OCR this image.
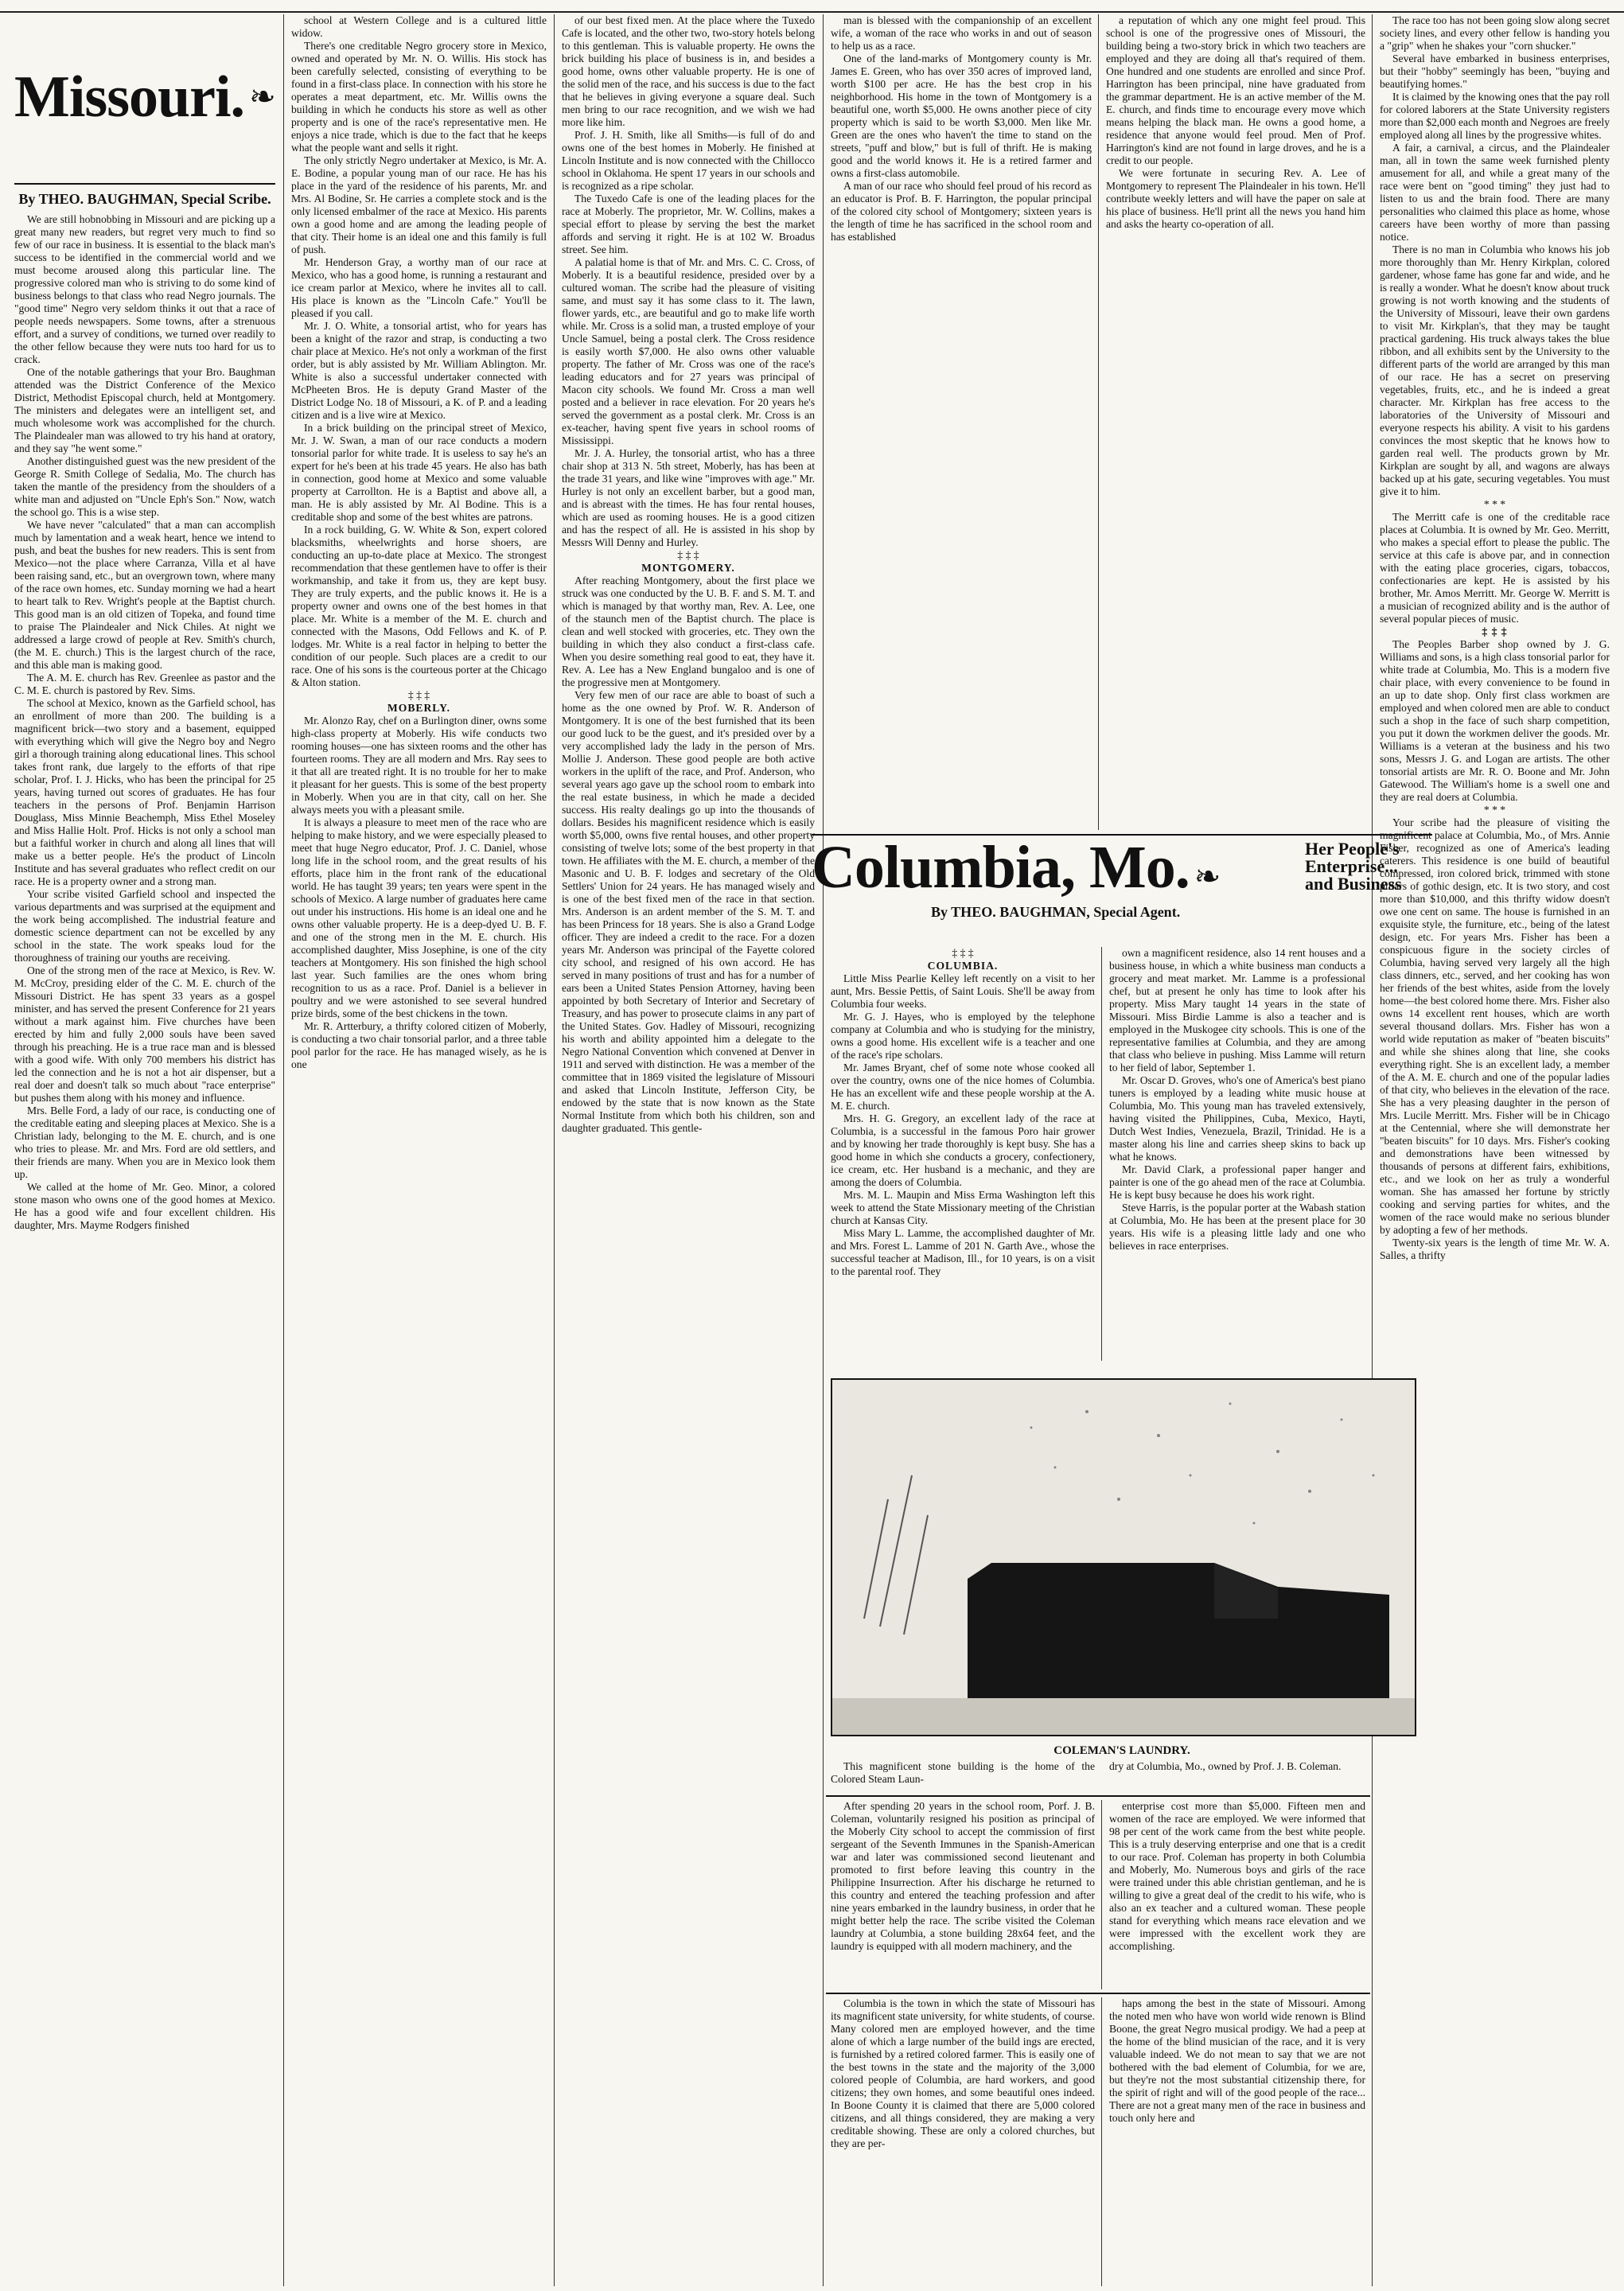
Missouri. ❧
By THEO. BAUGHMAN, Special Scribe.

We are still hobnobbing in Missouri and are picking up a great many new readers, but regret very much to find so few of our race in business. It is essential to the black man's success to be identified in the commercial world and we must become aroused along this particular line. The progressive colored man who is striving to do some kind of business belongs to that class who read Negro journals. The "good time" Negro very seldom thinks it out that a race of people needs newspapers. Some towns, after a strenuous effort, and a survey of conditions, we turned over readily to the other fellow because they were nuts too hard for us to crack.

One of the notable gatherings that your Bro. Baughman attended was the District Conference of the Mexico District, Methodist Episcopal church, held at Montgomery. The ministers and delegates were an intelligent set, and much wholesome work was accomplished for the church. The Plaindealer man was allowed to try his hand at oratory, and they say "he went some."

Another distinguished guest was the new president of the George R. Smith College of Sedalia, Mo. The church has taken the mantle of the presidency from the shoulders of a white man and adjusted on "Uncle Eph's Son." Now, watch the school go. This is a wise step.

We have never "calculated" that a man can accomplish much by lamentation and a weak heart, hence we intend to push, and beat the bushes for new readers. This is sent from Mexico—not the place where Carranza, Villa et al have been raising sand, etc., but an overgrown town, where many of the race own homes, etc. Sunday morning we had a heart to heart talk to Rev. Wright's people at the Baptist church. This good man is an old citizen of Topeka, and found time to praise The Plaindealer and Nick Chiles. At night we addressed a large crowd of people at Rev. Smith's church, (the M. E. church.) This is the largest church of the race, and this able man is making good.

The A. M. E. church has Rev. Greenlee as pastor and the C. M. E. church is pastored by Rev. Sims.

The school at Mexico, known as the Garfield school, has an enrollment of more than 200. The building is a magnificent brick—two story and a basement, equipped with everything which will give the Negro boy and Negro girl a thorough training along educational lines. This school takes front rank, due largely to the efforts of that ripe scholar, Prof. I. J. Hicks, who has been the principal for 25 years, having turned out scores of graduates. He has four teachers in the persons of Prof. Benjamin Harrison Douglass, Miss Minnie Beachemph, Miss Ethel Moseley and Miss Hallie Holt. Prof. Hicks is not only a school man but a faithful worker in church and along all lines that will make us a better people. He's the product of Lincoln Institute and has several graduates who reflect credit on our race. He is a property owner and a strong man.

Your scribe visited Garfield school and inspected the various departments and was surprised at the equipment and the work being accomplished. The industrial feature and domestic science department can not be excelled by any school in the state. The work speaks loud for the thoroughness of training our youths are receiving.

One of the strong men of the race at Mexico, is Rev. W. M. McCroy, presiding elder of the C. M. E. church of the Missouri District. He has spent 33 years as a gospel minister, and has served the present Conference for 21 years without a mark against him. Five churches have been erected by him and fully 2,000 souls have been saved through his preaching. He is a true race man and is blessed with a good wife. With only 700 members his district has led the connection and he is not a hot air dispenser, but a real doer and doesn't talk so much about "race enterprise" but pushes them along with his money and influence.

Mrs. Belle Ford, a lady of our race, is conducting one of the creditable eating and sleeping places at Mexico. She is a Christian lady, belonging to the M. E. church, and is one who tries to please. Mr. and Mrs. Ford are old settlers, and their friends are many. When you are in Mexico look them up.

We called at the home of Mr. Geo. Minor, a colored stone mason who owns one of the good homes at Mexico. He has a good wife and four excellent children. His daughter, Mrs. Mayme Rodgers finished

school at Western College and is a cultured little widow.

There's one creditable Negro grocery store in Mexico, owned and operated by Mr. N. O. Willis. His stock has been carefully selected, consisting of everything to be found in a first-class place. In connection with his store he operates a meat department, etc. Mr. Willis owns the building in which he conducts his store as well as other property and is one of the race's representative men. He enjoys a nice trade, which is due to the fact that he keeps what the people want and sells it right.

The only strictly Negro undertaker at Mexico, is Mr. A. E. Bodine, a popular young man of our race. He has his place in the yard of the residence of his parents, Mr. and Mrs. Al Bodine, Sr. He carries a complete stock and is the only licensed embalmer of the race at Mexico. His parents own a good home and are among the leading people of that city. Their home is an ideal one and this family is full of push.

Mr. Henderson Gray, a worthy man of our race at Mexico, who has a good home, is running a restaurant and ice cream parlor at Mexico, where he invites all to call. His place is known as the "Lincoln Cafe." You'll be pleased if you call.

Mr. J. O. White, a tonsorial artist, who for years has been a knight of the razor and strap, is conducting a two chair place at Mexico. He's not only a workman of the first order, but is ably assisted by Mr. William Ablington. Mr. White is also a successful undertaker connected with McPheeten Bros. He is deputy Grand Master of the District Lodge No. 18 of Missouri, a K. of P. and a leading citizen and is a live wire at Mexico.

In a brick building on the principal street of Mexico, Mr. J. W. Swan, a man of our race conducts a modern tonsorial parlor for white trade. It is useless to say he's an expert for he's been at his trade 45 years. He also has bath in connection, good home at Mexico and some valuable property at Carrollton. He is a Baptist and above all, a man. He is ably assisted by Mr. Al Bodine. This is a creditable shop and some of the best whites are patrons.

In a rock building, G. W. White & Son, expert colored blacksmiths, wheelwrights and horse shoers, are conducting an up-to-date place at Mexico. The strongest recommendation that these gentlemen have to offer is their workmanship, and take it from us, they are kept busy. They are truly experts, and the public knows it. He is a property owner and owns one of the best homes in that place. Mr. White is a member of the M. E. church and connected with the Masons, Odd Fellows and K. of P. lodges. Mr. White is a real factor in helping to better the condition of our people. Such places are a credit to our race. One of his sons is the courteous porter at the Chicago & Alton station.

‡ ‡ ‡

MOBERLY.

Mr. Alonzo Ray, chef on a Burlington diner, owns some high-class property at Moberly. His wife conducts two rooming houses—one has sixteen rooms and the other has fourteen rooms. They are all modern and Mrs. Ray sees to it that all are treated right. It is no trouble for her to make it pleasant for her guests. This is some of the best property in Moberly. When you are in that city, call on her. She always meets you with a pleasant smile.

It is always a pleasure to meet men of the race who are helping to make history, and we were especially pleased to meet that huge Negro educator, Prof. J. C. Daniel, whose long life in the school room, and the great results of his efforts, place him in the front rank of the educational world. He has taught 39 years; ten years were spent in the schools of Mexico. A large number of graduates here came out under his instructions. His home is an ideal one and he owns other valuable property. He is a deep-dyed U. B. F. and one of the strong men in the M. E. church. His accomplished daughter, Miss Josephine, is one of the city teachers at Montgomery. His son finished the high school last year. Such families are the ones whom bring recognition to us as a race. Prof. Daniel is a believer in poultry and we were astonished to see several hundred prize birds, some of the best chickens in the town.

Mr. R. Artterbury, a thrifty colored citizen of Moberly, is conducting a two chair tonsorial parlor, and a three table pool parlor for the race. He has managed wisely, as he is one

of our best fixed men. At the place where the Tuxedo Cafe is located, and the other two, two-story hotels belong to this gentleman. This is valuable property. He owns the brick building his place of business is in, and besides a good home, owns other valuable property. He is one of the solid men of the race, and his success is due to the fact that he believes in giving everyone a square deal. Such men bring to our race recognition, and we wish we had more like him.

Prof. J. H. Smith, like all Smiths—is full of do and owns one of the best homes in Moberly. He finished at Lincoln Institute and is now connected with the Chillocco school in Oklahoma. He spent 17 years in our schools and is recognized as a ripe scholar.

The Tuxedo Cafe is one of the leading places for the race at Moberly. The proprietor, Mr. W. Collins, makes a special effort to please by serving the best the market affords and serving it right. He is at 102 W. Broadus street. See him.

A palatial home is that of Mr. and Mrs. C. C. Cross, of Moberly. It is a beautiful residence, presided over by a cultured woman. The scribe had the pleasure of visiting same, and must say it has some class to it. The lawn, flower yards, etc., are beautiful and go to make life worth while. Mr. Cross is a solid man, a trusted employe of your Uncle Samuel, being a postal clerk. The Cross residence is easily worth $7,000. He also owns other valuable property. The father of Mr. Cross was one of the race's leading educators and for 27 years was principal of Macon city schools. We found Mr. Cross a man well posted and a believer in race elevation. For 20 years he's served the government as a postal clerk. Mr. Cross is an ex-teacher, having spent five years in school rooms of Mississippi.

Mr. J. A. Hurley, the tonsorial artist, who has a three chair shop at 313 N. 5th street, Moberly, has has been at the trade 31 years, and like wine "improves with age." Mr. Hurley is not only an excellent barber, but a good man, and is abreast with the times. He has four rental houses, which are used as rooming houses. He is a good citizen and has the respect of all. He is assisted in his shop by Messrs Will Denny and Hurley.

‡ ‡ ‡

MONTGOMERY.

After reaching Montgomery, about the first place we struck was one conducted by the U. B. F. and S. M. T. and which is managed by that worthy man, Rev. A. Lee, one of the staunch men of the Baptist church. The place is clean and well stocked with groceries, etc. They own the building in which they also conduct a first-class cafe. When you desire something real good to eat, they have it. Rev. A. Lee has a New England bungaloo and is one of the progressive men at Montgomery.

Very few men of our race are able to boast of such a home as the one owned by Prof. W. R. Anderson of Montgomery. It is one of the best furnished that its been our good luck to be the guest, and it's presided over by a very accomplished lady the lady in the person of Mrs. Mollie J. Anderson. These good people are both active workers in the uplift of the race, and Prof. Anderson, who several years ago gave up the school room to embark into the real estate business, in which he made a decided success. His realty dealings go up into the thousands of dollars. Besides his magnificent residence which is easily worth $5,000, owns five rental houses, and other property consisting of twelve lots; some of the best property in that town. He affiliates with the M. E. church, a member of the Masonic and U. B. F. lodges and secretary of the Old Settlers' Union for 24 years. He has managed wisely and is one of the best fixed men of the race in that section. Mrs. Anderson is an ardent member of the S. M. T. and has been Princess for 18 years. She is also a Grand Lodge officer. They are indeed a credit to the race. For a dozen years Mr. Anderson was principal of the Fayette colored city school, and resigned of his own accord. He has served in many positions of trust and has for a number of ears been a United States Pension Attorney, having been appointed by both Secretary of Interior and Secretary of Treasury, and has power to prosecute claims in any part of the United States. Gov. Hadley of Missouri, recognizing his worth and ability appointed him a delegate to the Negro National Convention which convened at Denver in 1911 and served with distinction. He was a member of the committee that in 1869 visited the legislature of Missouri and asked that Lincoln Institute, Jefferson City, be endowed by the state that is now known as the State Normal Institute from which both his children, son and daughter graduated. This gentle-

man is blessed with the companionship of an excellent wife, a woman of the race who works in and out of season to help us as a race.

One of the land-marks of Montgomery county is Mr. James E. Green, who has over 350 acres of improved land, worth $100 per acre. He has the best crop in his neighborhood. His home in the town of Montgomery is a beautiful one, worth $5,000. He owns another piece of city property which is said to be worth $3,000. Men like Mr. Green are the ones who haven't the time to stand on the streets, "puff and blow," but is full of thrift. He is making good and the world knows it. He is a retired farmer and owns a first-class automobile.

A man of our race who should feel proud of his record as an educator is Prof. B. F. Harrington, the popular principal of the colored city school of Montgomery; sixteen years is the length of time he has sacrificed in the school room and has established

a reputation of which any one might feel proud. This school is one of the progressive ones of Missouri, the building being a two-story brick in which two teachers are employed and they are doing all that's required of them. One hundred and one students are enrolled and since Prof. Harrington has been principal, nine have graduated from the grammar department. He is an active member of the M. E. church, and finds time to encourage every move which means helping the black man. He owns a good home, a residence that anyone would feel proud. Men of Prof. Harrington's kind are not found in large droves, and he is a credit to our people.

We were fortunate in securing Rev. A. Lee of Montgomery to represent The Plaindealer in his town. He'll contribute weekly letters and will have the paper on sale at his place of business. He'll print all the news you hand him and asks the hearty co-operation of all.

The race too has not been going slow along secret society lines, and every other fellow is handing you a "grip" when he shakes your "corn shucker."

Several have embarked in business enterprises, but their "hobby" seemingly has been, "buying and beautifying homes."

It is claimed by the knowing ones that the pay roll for colored laborers at the State University registers more than $2,000 each month and Negroes are freely employed along all lines by the progressive whites.

A fair, a carnival, a circus, and the Plaindealer man, all in town the same week furnished plenty amusement for all, and while a great many of the race were bent on "good timing" they just had to listen to us and the brain food. There are many personalities who claimed this place as home, whose careers have been worthy of more than passing notice.

There is no man in Columbia who knows his job more thoroughly than Mr. Henry Kirkplan, colored gardener, whose fame has gone far and wide, and he is really a wonder. What he doesn't know about truck growing is not worth knowing and the students of the University of Missouri, leave their own gardens to visit Mr. Kirkplan's, that they may be taught practical gardening. His truck always takes the blue ribbon, and all exhibits sent by the University to the different parts of the world are arranged by this man of our race. He has a secret on preserving vegetables, fruits, etc., and he is indeed a great character. Mr. Kirkplan has free access to the laboratories of the University of Missouri and everyone respects his ability. A visit to his gardens convinces the most skeptic that he knows how to garden real well. The products grown by Mr. Kirkplan are sought by all, and wagons are always backed up at his gate, securing vegetables. You must give it to him.

* * *

The Merritt cafe is one of the creditable race places at Columbia. It is owned by Mr. Geo. Merritt, who makes a special effort to please the public. The service at this cafe is above par, and in connection with the eating place groceries, cigars, tobaccos, confectionaries are kept. He is assisted by his brother, Mr. Amos Merritt. Mr. George W. Merritt is a musician of recognized ability and is the author of several popular pieces of music.

‡ ‡ ‡

The Peoples Barber shop owned by J. G. Williams and sons, is a high class tonsorial parlor for white trade at Columbia, Mo. This is a modern five chair place, with every convenience to be found in an up to date shop. Only first class workmen are employed and when colored men are able to conduct such a shop in the face of such sharp competition, you put it down the workmen deliver the goods. Mr. Williams is a veteran at the business and his two sons, Messrs J. G. and Logan are artists. The other tonsorial artists are Mr. R. O. Boone and Mr. John Gatewood. The William's home is a swell one and they are real doers at Columbia.

* * *

Your scribe had the pleasure of visiting the magnificent palace at Columbia, Mo., of Mrs. Annie Fisher, recognized as one of America's leading caterers. This residence is one build of beautiful compressed, iron colored brick, trimmed with stone pillars of gothic design, etc. It is two story, and cost more than $10,000, and this thrifty widow doesn't owe one cent on same. The house is furnished in an exquisite style, the furniture, etc., being of the latest design, etc. For years Mrs. Fisher has been a conspicuous figure in the society circles of Columbia, having served very largely all the high class dinners, etc., served, and her cooking has won her friends of the best whites, aside from the lovely home—the best colored home there. Mrs. Fisher also owns 14 excellent rent houses, which are worth several thousand dollars. Mrs. Fisher has won a world wide reputation as maker of "beaten biscuits" and while she shines along that line, she cooks everything right. She is an excellent lady, a member of the A. M. E. church and one of the popular ladies of that city, who believes in the elevation of the race. She has a very pleasing daughter in the person of Mrs. Lucile Merritt. Mrs. Fisher will be in Chicago at the Centennial, where she will demonstrate her "beaten biscuits" for 10 days. Mrs. Fisher's cooking and demonstrations have been witnessed by thousands of persons at different fairs, exhibitions, etc., and we look on her as truly a wonderful woman. She has amassed her fortune by strictly cooking and serving parties for whites, and the women of the race would make no serious blunder by adopting a few of her methods.

Twenty-six years is the length of time Mr. W. A. Salles, a thrifty

Columbia, Mo. ❧
Her People's
Enterprise...
and Business
By THEO. BAUGHMAN, Special Agent.

‡ ‡ ‡

COLUMBIA.

Little Miss Pearlie Kelley left recently on a visit to her aunt, Mrs. Bessie Pettis, of Saint Louis. She'll be away from Columbia four weeks.

Mr. G. J. Hayes, who is employed by the telephone company at Columbia and who is studying for the ministry, owns a good home. His excellent wife is a teacher and one of the race's ripe scholars.

Mr. James Bryant, chef of some note whose cooked all over the country, owns one of the nice homes of Columbia. He has an excellent wife and these people worship at the A. M. E. church.

Mrs. H. G. Gregory, an excellent lady of the race at Columbia, is a successful in the famous Poro hair grower and by knowing her trade thoroughly is kept busy. She has a good home in which she conducts a grocery, confectionery, ice cream, etc. Her husband is a mechanic, and they are among the doers of Columbia.

Mrs. M. L. Maupin and Miss Erma Washington left this week to attend the State Missionary meeting of the Christian church at Kansas City.

Miss Mary L. Lamme, the accomplished daughter of Mr. and Mrs. Forest L. Lamme of 201 N. Garth Ave., whose the successful teacher at Madison, Ill., for 10 years, is on a visit to the parental roof. They

own a magnificent residence, also 14 rent houses and a business house, in which a white business man conducts a grocery and meat market. Mr. Lamme is a professional chef, but at present he only has time to look after his property. Miss Mary taught 14 years in the state of Missouri. Miss Birdie Lamme is also a teacher and is employed in the Muskogee city schools. This is one of the representative families at Columbia, and they are among that class who believe in pushing. Miss Lamme will return to her field of labor, September 1.

Mr. Oscar D. Groves, who's one of America's best piano tuners is employed by a leading white music house at Columbia, Mo. This young man has traveled extensively, having visited the Philippines, Cuba, Mexico, Hayti, Dutch West Indies, Venezuela, Brazil, Trinidad. He is a master along his line and carries sheep skins to back up what he knows.

Mr. David Clark, a professional paper hanger and painter is one of the go ahead men of the race at Columbia. He is kept busy because he does his work right.

Steve Harris, is the popular porter at the Wabash station at Columbia, Mo. He has been at the present place for 30 years. His wife is a pleasing little lady and one who believes in race enterprises.

COLEMAN'S LAUNDRY.

This magnificent stone building is the home of the Colored Steam Laun-

dry at Columbia, Mo., owned by Prof. J. B. Coleman.

After spending 20 years in the school room, Porf. J. B. Coleman, voluntarily resigned his position as principal of the Moberly City school to accept the commission of first sergeant of the Seventh Immunes in the Spanish-American war and later was commissioned second lieutenant and promoted to first before leaving this country in the Philippine Insurrection. After his discharge he returned to this country and entered the teaching profession and after nine years embarked in the laundry business, in order that he might better help the race. The scribe visited the Coleman laundry at Columbia, a stone building 28x64 feet, and the laundry is equipped with all modern machinery, and the

enterprise cost more than $5,000. Fifteen men and women of the race are employed. We were informed that 98 per cent of the work came from the best white people. This is a truly deserving enterprise and one that is a credit to our race. Prof. Coleman has property in both Columbia and Moberly, Mo. Numerous boys and girls of the race were trained under this able christian gentleman, and he is willing to give a great deal of the credit to his wife, who is also an ex teacher and a cultured woman. These people stand for everything which means race elevation and we were impressed with the excellent work they are accomplishing.

Columbia is the town in which the state of Missouri has its magnificent state university, for white students, of course. Many colored men are employed however, and the time alone of which a large number of the build ings are erected, is furnished by a retired colored farmer. This is easily one of the best towns in the state and the majority of the 3,000 colored people of Columbia, are hard workers, and good citizens; they own homes, and some beautiful ones indeed. In Boone County it is claimed that there are 5,000 colored citizens, and all things considered, they are making a very creditable showing. These are only a colored churches, but they are per-

haps among the best in the state of Missouri. Among the noted men who have won world wide renown is Blind Boone, the great Negro musical prodigy. We had a peep at the home of the blind musician of the race, and it is very valuable indeed. We do not mean to say that we are not bothered with the bad element of Columbia, for we are, but they're not the most substantial citizenship there, for the spirit of right and will of the good people of the race... There are not a great many men of the race in business and touch only here and
